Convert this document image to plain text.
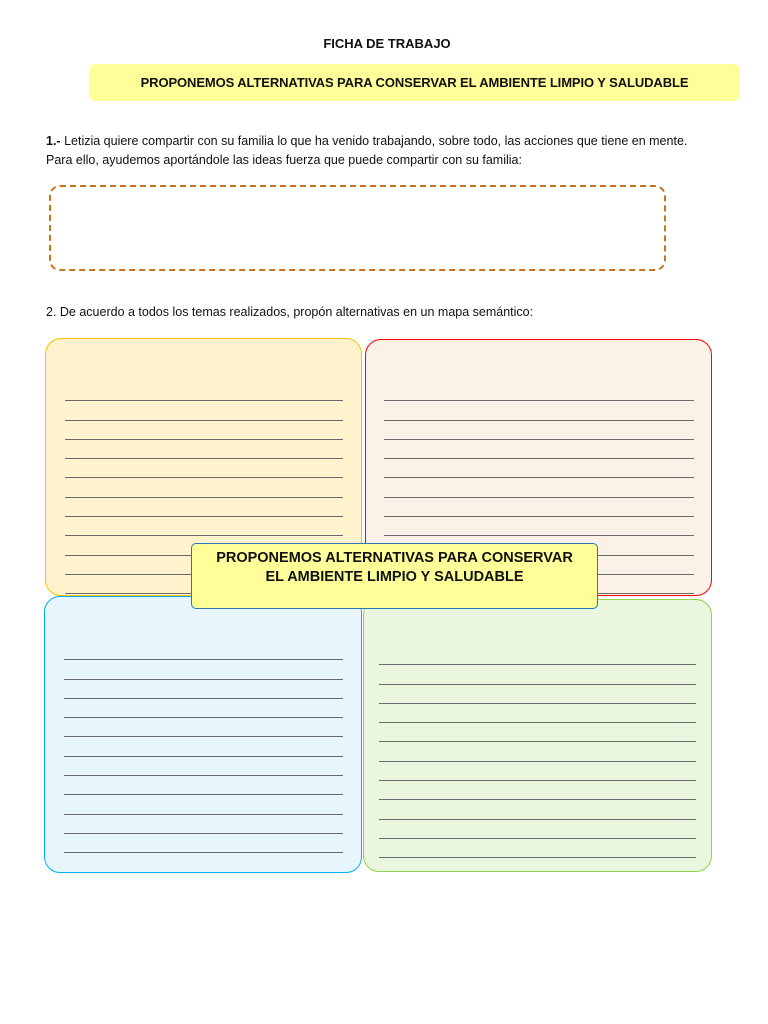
FICHA DE TRABAJO
PROPONEMOS ALTERNATIVAS PARA CONSERVAR EL AMBIENTE LIMPIO Y SALUDABLE
1.- Letizia quiere compartir con su familia lo que ha venido trabajando, sobre todo, las acciones que tiene en mente.
Para ello, ayudemos aportándole las ideas fuerza que puede compartir con su familia:
2. De acuerdo a todos los temas realizados, propón alternativas en un mapa semántico:
PROPONEMOS ALTERNATIVAS PARA CONSERVAR
EL AMBIENTE LIMPIO Y SALUDABLE
